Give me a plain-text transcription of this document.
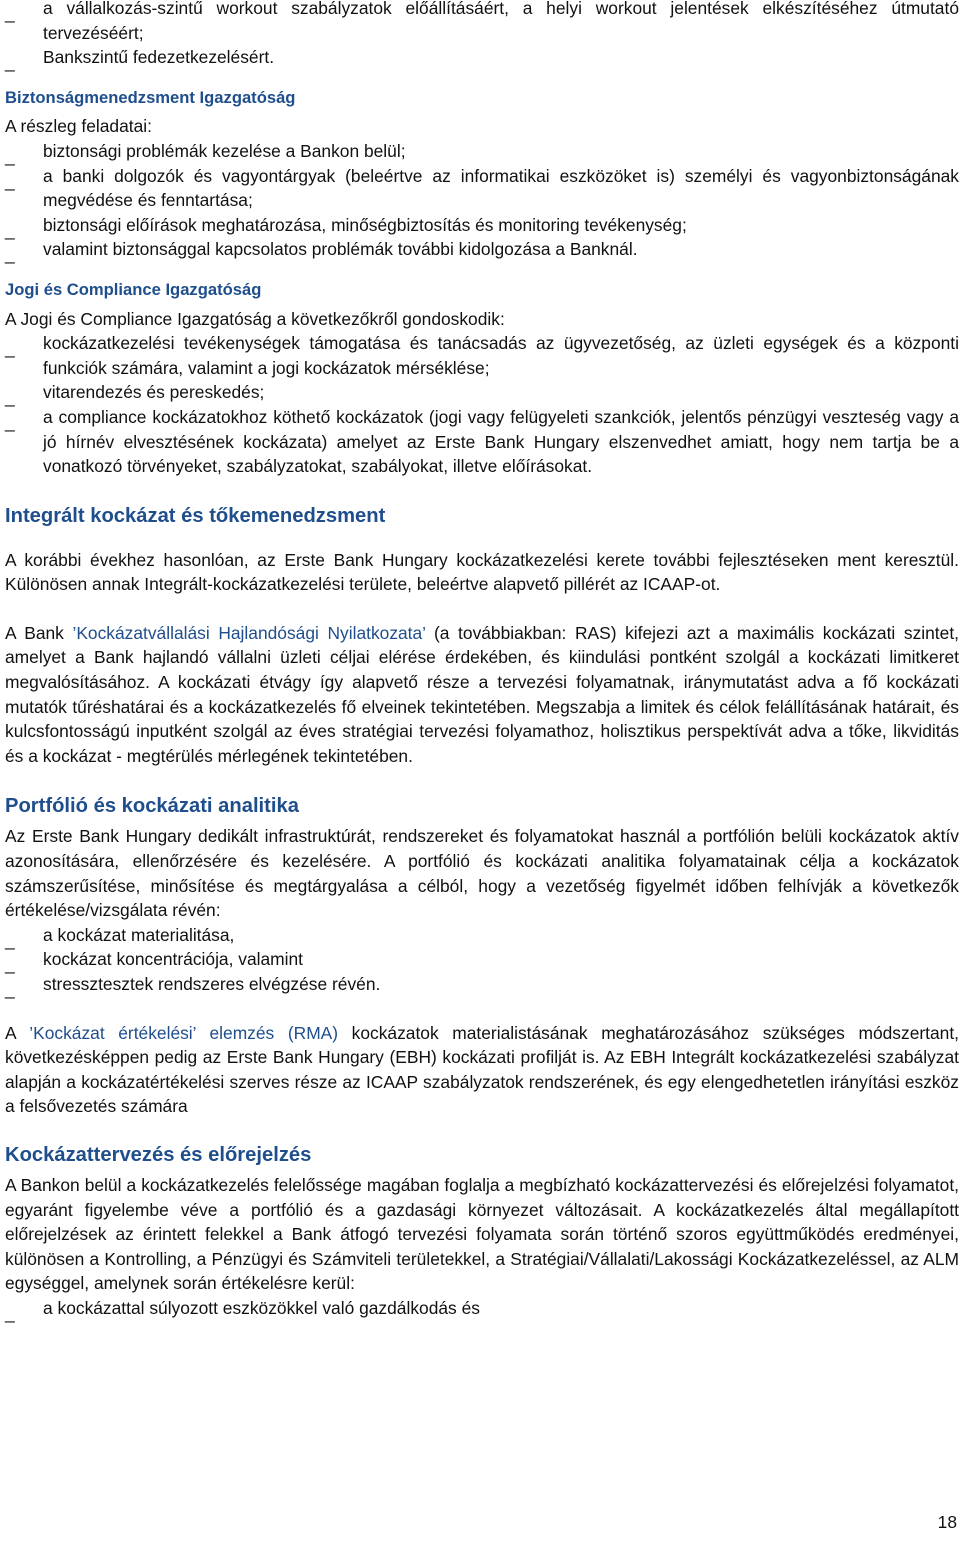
_ a vállalkozás-szintű workout szabályzatok előállításáért, a helyi workout jelentések elkészítéséhez útmutató tervezéséért;
_ Bankszintű fedezetkezelésért.
Biztonságmenedzsment Igazgatóság

A részleg feladatai:

_ biztonsági problémák kezelése a Bankon belül;
_ a banki dolgozók és vagyontárgyak (beleértve az informatikai eszközöket is) személyi és vagyonbiztonságának megvédése és fenntartása;
_ biztonsági előírások meghatározása, minőségbiztosítás és monitoring tevékenység;
_ valamint biztonsággal kapcsolatos problémák további kidolgozása a Banknál.
Jogi és Compliance Igazgatóság

A Jogi és Compliance Igazgatóság a következőkről gondoskodik:

_ kockázatkezelési tevékenységek támogatása és tanácsadás az ügyvezetőség, az üzleti egységek és a központi funkciók számára, valamint a jogi kockázatok mérséklése;
_ vitarendezés és pereskedés;
_ a compliance kockázatokhoz köthető kockázatok (jogi vagy felügyeleti szankciók, jelentős pénzügyi veszteség vagy a jó hírnév elvesztésének kockázata) amelyet az Erste Bank Hungary elszenvedhet amiatt, hogy nem tartja be a vonatkozó törvényeket, szabályzatokat, szabályokat, illetve előírásokat.
Integrált kockázat és tőkemenedzsment

A korábbi évekhez hasonlóan, az Erste Bank Hungary kockázatkezelési kerete további fejlesztéseken ment keresztül. Különösen annak Integrált-kockázatkezelési területe, beleértve alapvető pillérét az ICAAP-ot.

A Bank ’Kockázatvállalási Hajlandósági Nyilatkozata’ (a továbbiakban: RAS) kifejezi azt a maximális kockázati szintet, amelyet a Bank hajlandó vállalni üzleti céljai elérése érdekében, és kiindulási pontként szolgál a kockázati limitkeret megvalósításához. A kockázati étvágy így alapvető része a tervezési folyamatnak, iránymutatást adva a fő kockázati mutatók tűréshatárai és a kockázatkezelés fő elveinek tekintetében. Megszabja a limitek és célok felállításának határait, és kulcsfontosságú inputként szolgál az éves stratégiai tervezési folyamathoz, holisztikus perspektívát adva a tőke, likviditás és a kockázat - megtérülés mérlegének tekintetében.

Portfólió és kockázati analitika

Az Erste Bank Hungary dedikált infrastruktúrát, rendszereket és folyamatokat használ a portfólión belüli kockázatok aktív azonosítására, ellenőrzésére és kezelésére. A portfólió és kockázati analitika folyamatainak célja a kockázatok számszerűsítése, minősítése és megtárgyalása a célból, hogy a vezetőség figyelmét időben felhívják a következők értékelése/vizsgálata révén:

_ a kockázat materialitása,
_ kockázat koncentrációja, valamint
_ stressztesztek rendszeres elvégzése révén.

A ’Kockázat értékelési’ elemzés (RMA) kockázatok materialistásának meghatározásához szükséges módszertant, következésképpen pedig az Erste Bank Hungary (EBH) kockázati profilját is. Az EBH Integrált kockázatkezelési szabályzat alapján a kockázatértékelési szerves része az ICAAP szabályzatok rendszerének, és egy elengedhetetlen irányítási eszköz a felsővezetés számára

Kockázattervezés és előrejelzés

A Bankon belül a kockázatkezelés felelőssége magában foglalja a megbízható kockázattervezési és előrejelzési folyamatot, egyaránt figyelembe véve a portfólió és a gazdasági környezet változásait. A kockázatkezelés által megállapított előrejelzések az érintett felekkel a Bank átfogó tervezési folyamata során történő szoros együttműködés eredményei, különösen a Kontrolling, a Pénzügyi és Számviteli területekkel, a Stratégiai/Vállalati/Lakossági Kockázatkezeléssel, az ALM egységgel, amelynek során értékelésre kerül:

_ a kockázattal súlyozott eszközökkel való gazdálkodás és
18
